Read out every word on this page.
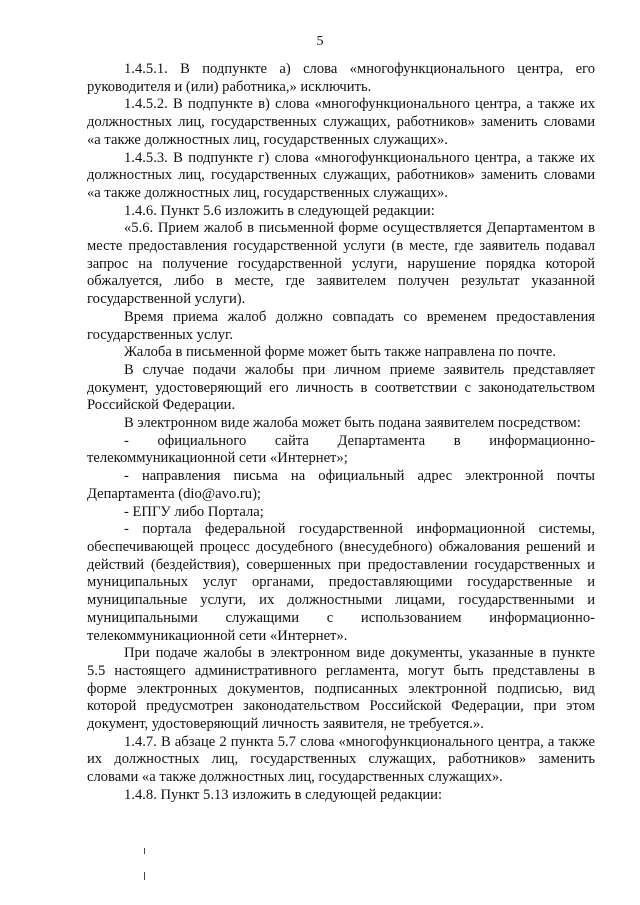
5

1.4.5.1. В подпункте а) слова «многофункционального центра, его руководителя и (или) работника,» исключить.

1.4.5.2. В подпункте в) слова «многофункционального центра, а также их должностных лиц, государственных служащих, работников» заменить словами «а также должностных лиц, государственных служащих».

1.4.5.3. В подпункте г) слова «многофункционального центра, а также их должностных лиц, государственных служащих, работников» заменить словами «а также должностных лиц, государственных служащих».

1.4.6. Пункт 5.6 изложить в следующей редакции:

«5.6. Прием жалоб в письменной форме осуществляется Департаментом в месте предоставления государственной услуги (в месте, где заявитель подавал запрос на получение государственной услуги, нарушение порядка которой обжалуется, либо в месте, где заявителем получен результат указанной государственной услуги).

Время приема жалоб должно совпадать со временем предоставления государственных услуг.

Жалоба в письменной форме может быть также направлена по почте.

В случае подачи жалобы при личном приеме заявитель представляет документ, удостоверяющий его личность в соответствии с законодательством Российской Федерации.

В электронном виде жалоба может быть подана заявителем посредством:

- официального сайта Департамента в информационно-телекоммуникационной сети «Интернет»;

- направления письма на официальный адрес электронной почты Департамента (dio@avo.ru);

- ЕПГУ либо Портала;

- портала федеральной государственной информационной системы, обеспечивающей процесс досудебного (внесудебного) обжалования решений и действий (бездействия), совершенных при предоставлении государственных и муниципальных услуг органами, предоставляющими государственные и муниципальные услуги, их должностными лицами, государственными и муниципальными служащими с использованием информационно-телекоммуникационной сети «Интернет».

При подаче жалобы в электронном виде документы, указанные в пункте 5.5 настоящего административного регламента, могут быть представлены в форме электронных документов, подписанных электронной подписью, вид которой предусмотрен законодательством Российской Федерации, при этом документ, удостоверяющий личность заявителя, не требуется.».

1.4.7. В абзаце 2 пункта 5.7 слова «многофункционального центра, а также их должностных лиц, государственных служащих, работников» заменить словами «а также должностных лиц, государственных служащих».

1.4.8. Пункт 5.13 изложить в следующей редакции:
